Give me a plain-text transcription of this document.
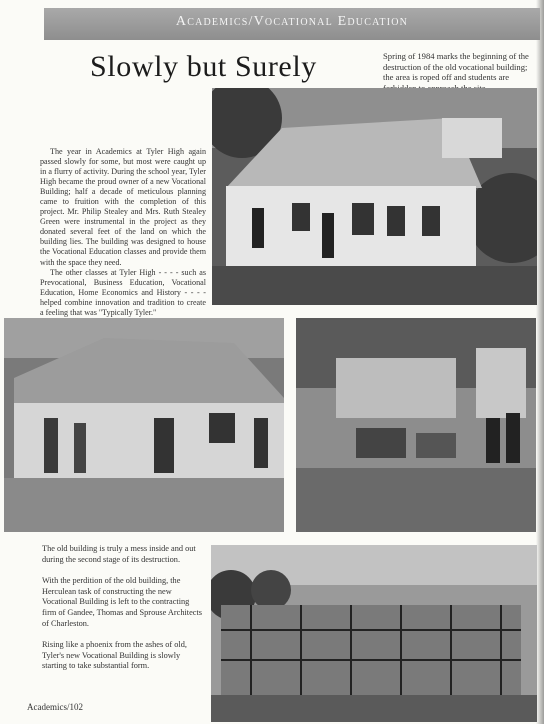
Academics/Vocational Education
Slowly but Surely	Spring of 1984 marks the beginning of the destruction of the old vocational building; the area is roped off and students are

The year in Academics at Tyler High again passed slowly for some, but most were caught up in a flurry of activity. During the school year, Tyler High became the proud owner of a new Vocational Building; half a decade of meticulous planning came to fruition with the completion of this project. Mr. Philip Stealey and Mrs. Ruth Stealey Green were instrumental in the project as they donated several feet of the land on which the building lies. The building was designed to house the Vocational Education classes and provide them with the space they need.

The other classes at Tyler High - - - - such as Prevocational, Business Education, Vocational Education, Home Economics and History - - - - helped combine innovation and tradition to create a feeling that was "Typically Tyler."

The old building is truly a mess inside and out during the second stage of its destruction.

With the perdition of the old building, the Herculean task of constructing the new Vocational Building is left to the contracting firm of Gandee, Thomas and Sprouse Architects of Charleston.

Rising like a phoenix from the ashes of old, Tyler's new Vocational Building is slowly starting to take substantial form.

Academics/102
